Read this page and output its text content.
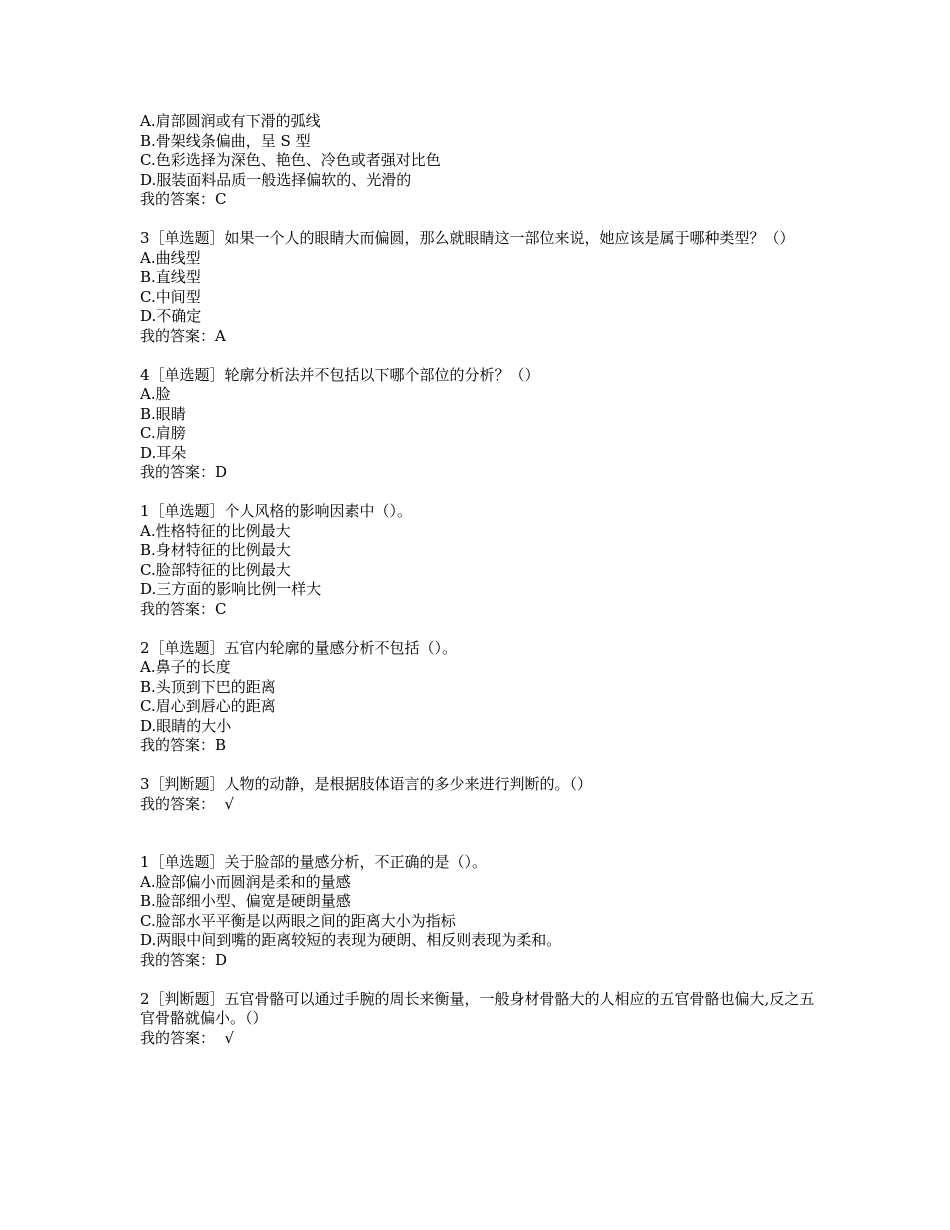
A.肩部圆润或有下滑的弧线
B.骨架线条偏曲，呈 S 型
C.色彩选择为深色、艳色、冷色或者强对比色
D.服装面料品质一般选择偏软的、光滑的
我的答案：C
3［单选题］如果一个人的眼睛大而偏圆，那么就眼睛这一部位来说，她应该是属于哪种类型？（）
A.曲线型
B.直线型
C.中间型
D.不确定
我的答案：A
4［单选题］轮廓分析法并不包括以下哪个部位的分析？（）
A.脸
B.眼睛
C.肩膀
D.耳朵
我的答案：D
1［单选题］个人风格的影响因素中（）。
A.性格特征的比例最大
B.身材特征的比例最大
C.脸部特征的比例最大
D.三方面的影响比例一样大
我的答案：C
2［单选题］五官内轮廓的量感分析不包括（）。
A.鼻子的长度
B.头顶到下巴的距离
C.眉心到唇心的距离
D.眼睛的大小
我的答案：B
3［判断题］人物的动静，是根据肢体语言的多少来进行判断的。（）
我的答案：  √
1［单选题］关于脸部的量感分析，不正确的是（）。
A.脸部偏小而圆润是柔和的量感
B.脸部细小型、偏宽是硬朗量感
C.脸部水平平衡是以两眼之间的距离大小为指标
D.两眼中间到嘴的距离较短的表现为硬朗、相反则表现为柔和。
我的答案：D
2［判断题］五官骨骼可以通过手腕的周长来衡量，一般身材骨骼大的人相应的五官骨骼也偏大,反之五官骨骼就偏小。（）
我的答案：  √
